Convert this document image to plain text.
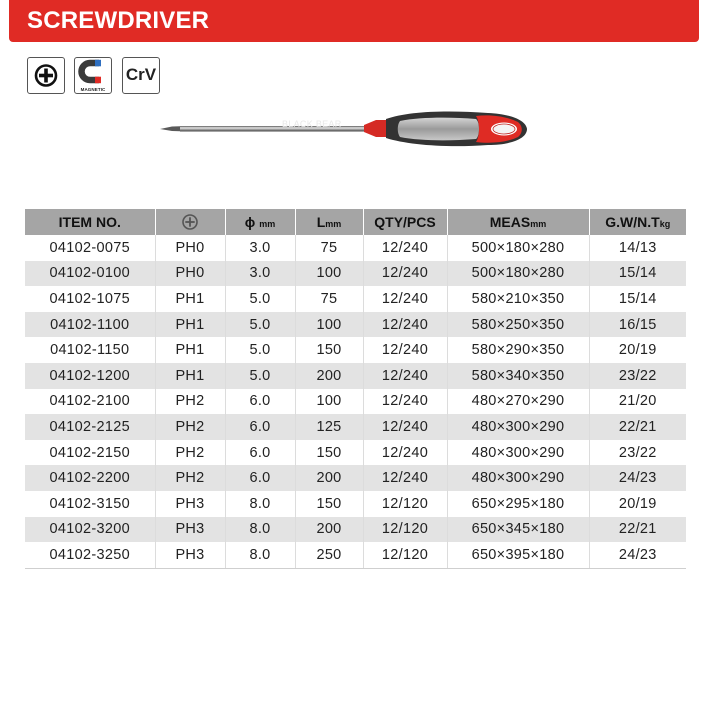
SCREWDRIVER
MAGNETIC
CrV
BLACK BEAR
ITEM NO.		ϕ mm	Lmm	QTY/PCS	MEASmm	G.W/N.Tkg
04102-0075	PH0	3.0	75	12/240	500×180×280	14/13
04102-0100	PH0	3.0	100	12/240	500×180×280	15/14
04102-1075	PH1	5.0	75	12/240	580×210×350	15/14
04102-1100	PH1	5.0	100	12/240	580×250×350	16/15
04102-1150	PH1	5.0	150	12/240	580×290×350	20/19
04102-1200	PH1	5.0	200	12/240	580×340×350	23/22
04102-2100	PH2	6.0	100	12/240	480×270×290	21/20
04102-2125	PH2	6.0	125	12/240	480×300×290	22/21
04102-2150	PH2	6.0	150	12/240	480×300×290	23/22
04102-2200	PH2	6.0	200	12/240	480×300×290	24/23
04102-3150	PH3	8.0	150	12/120	650×295×180	20/19
04102-3200	PH3	8.0	200	12/120	650×345×180	22/21
04102-3250	PH3	8.0	250	12/120	650×395×180	24/23
